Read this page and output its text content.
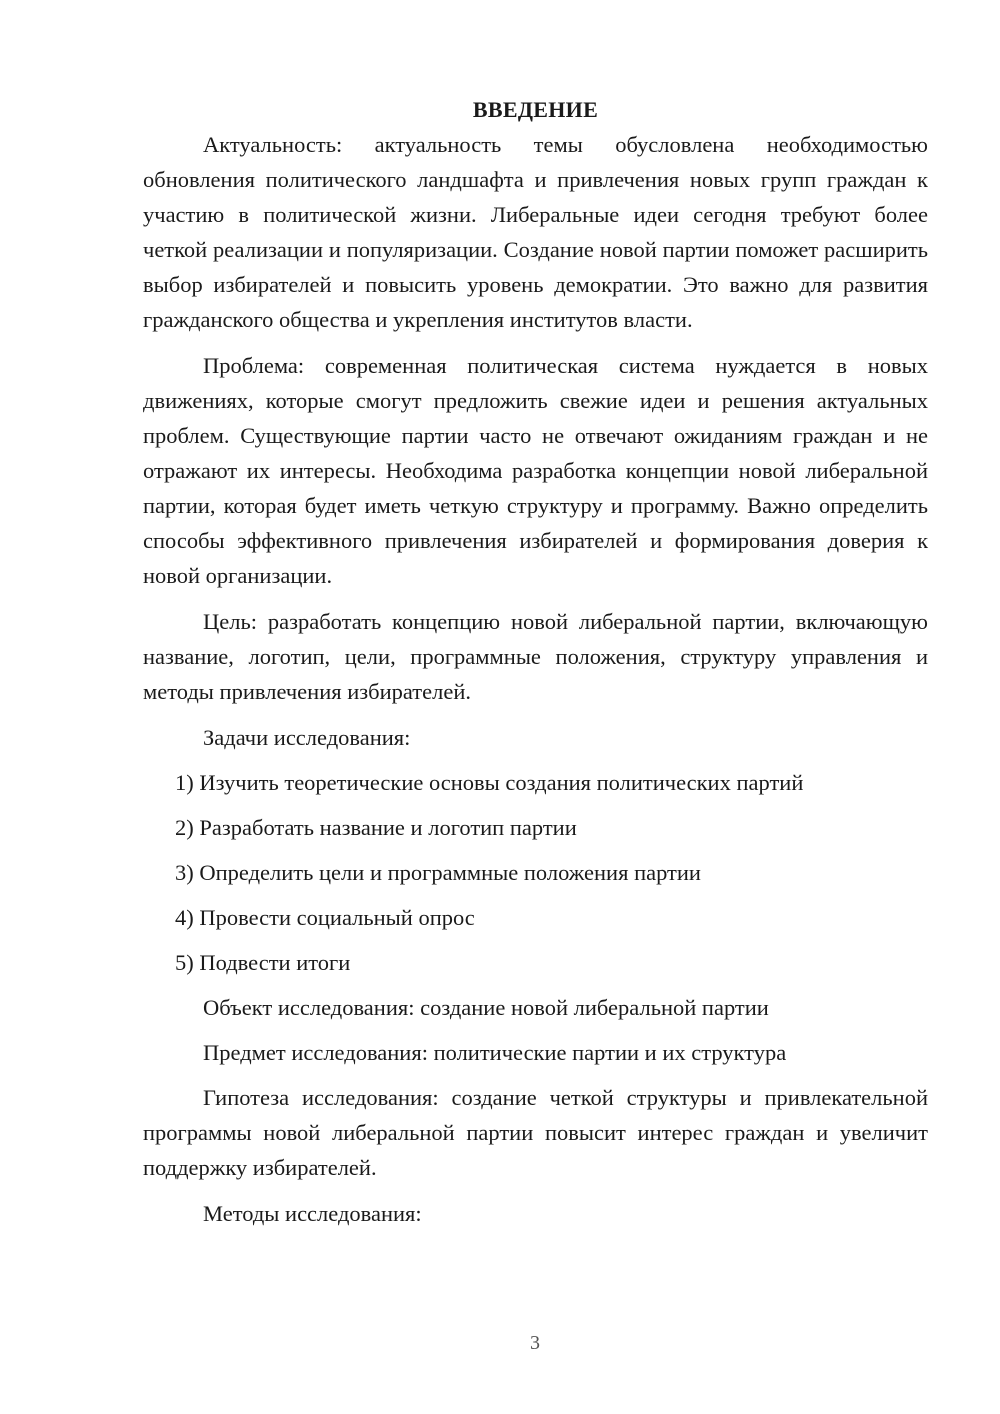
ВВЕДЕНИЕ

Актуальность: актуальность темы обусловлена необходимостью обновления политического ландшафта и привлечения новых групп граждан к участию в политической жизни. Либеральные идеи сегодня требуют более четкой реализации и популяризации. Создание новой партии поможет расширить выбор избирателей и повысить уровень демократии. Это важно для развития гражданского общества и укрепления институтов власти.

Проблема: современная политическая система нуждается в новых движениях, которые смогут предложить свежие идеи и решения актуальных проблем. Существующие партии часто не отвечают ожиданиям граждан и не отражают их интересы. Необходима разработка концепции новой либеральной партии, которая будет иметь четкую структуру и программу. Важно определить способы эффективного привлечения избирателей и формирования доверия к новой организации.

Цель: разработать концепцию новой либеральной партии, включающую название, логотип, цели, программные положения, структуру управления и методы привлечения избирателей.

Задачи исследования:

1) Изучить теоретические основы создания политических партий
2) Разработать название и логотип партии
3) Определить цели и программные положения партии
4) Провести социальный опрос
5) Подвести итоги

Объект исследования: создание новой либеральной партии

Предмет исследования: политические партии и их структура

Гипотеза исследования: создание четкой структуры и привлекательной программы новой либеральной партии повысит интерес граждан и увеличит поддержку избирателей.

Методы исследования:

3
